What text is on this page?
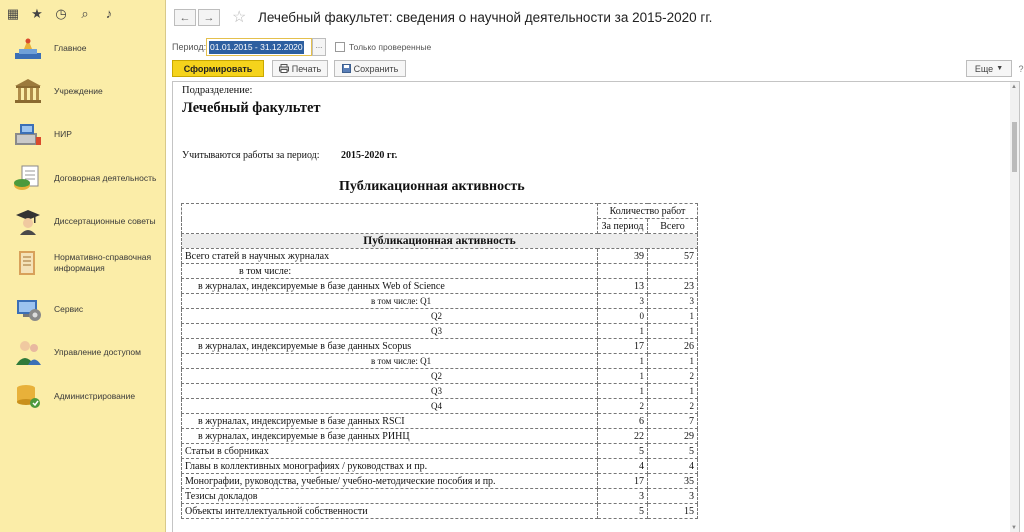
▦ ★ ◷ ⌕ ♪
Главное
Учреждение
НИР
Договорная деятельность
Диссертационные советы
Нормативно-справочная информация
Сервис
Управление доступом
Администрирование
← → ☆ Лечебный факультет: сведения о научной деятельности за 2015-2020 гг.
Период: 01.01.2015 - 31.12.2020	...	Только проверенные
Сформировать	Печать	Сохранить	Еще ▼ ?
Подразделение:
Лечебный факультет
Учитываются работы за период: 2015-2020 гг.
Публикационная активность
	Количество работ	
	За период	Всего
Публикационная активность		
Всего статей в научных журналах	39	57
в том числе:		
в журналах, индексируемые в базе данных Web of Science	13	23
в том числе: Q1	3	3
Q2	0	1
Q3	1	1
в журналах, индексируемые в базе данных Scopus	17	26
в том числе: Q1	1	1
Q2	1	2
Q3	1	1
Q4	2	2
в журналах, индексируемые в базе данных RSCI	6	7
в журналах, индексируемые в базе данных РИНЦ	22	29
Статьи в сборниках	5	5
Главы в коллективных монографиях / руководствах и пр.	4	4
Монографии, руководства, учебные/ учебно-методические пособия и пр.	17	35
Тезисы докладов	3	3
Объекты интеллектуальной собственности	5	15
▲
▼
